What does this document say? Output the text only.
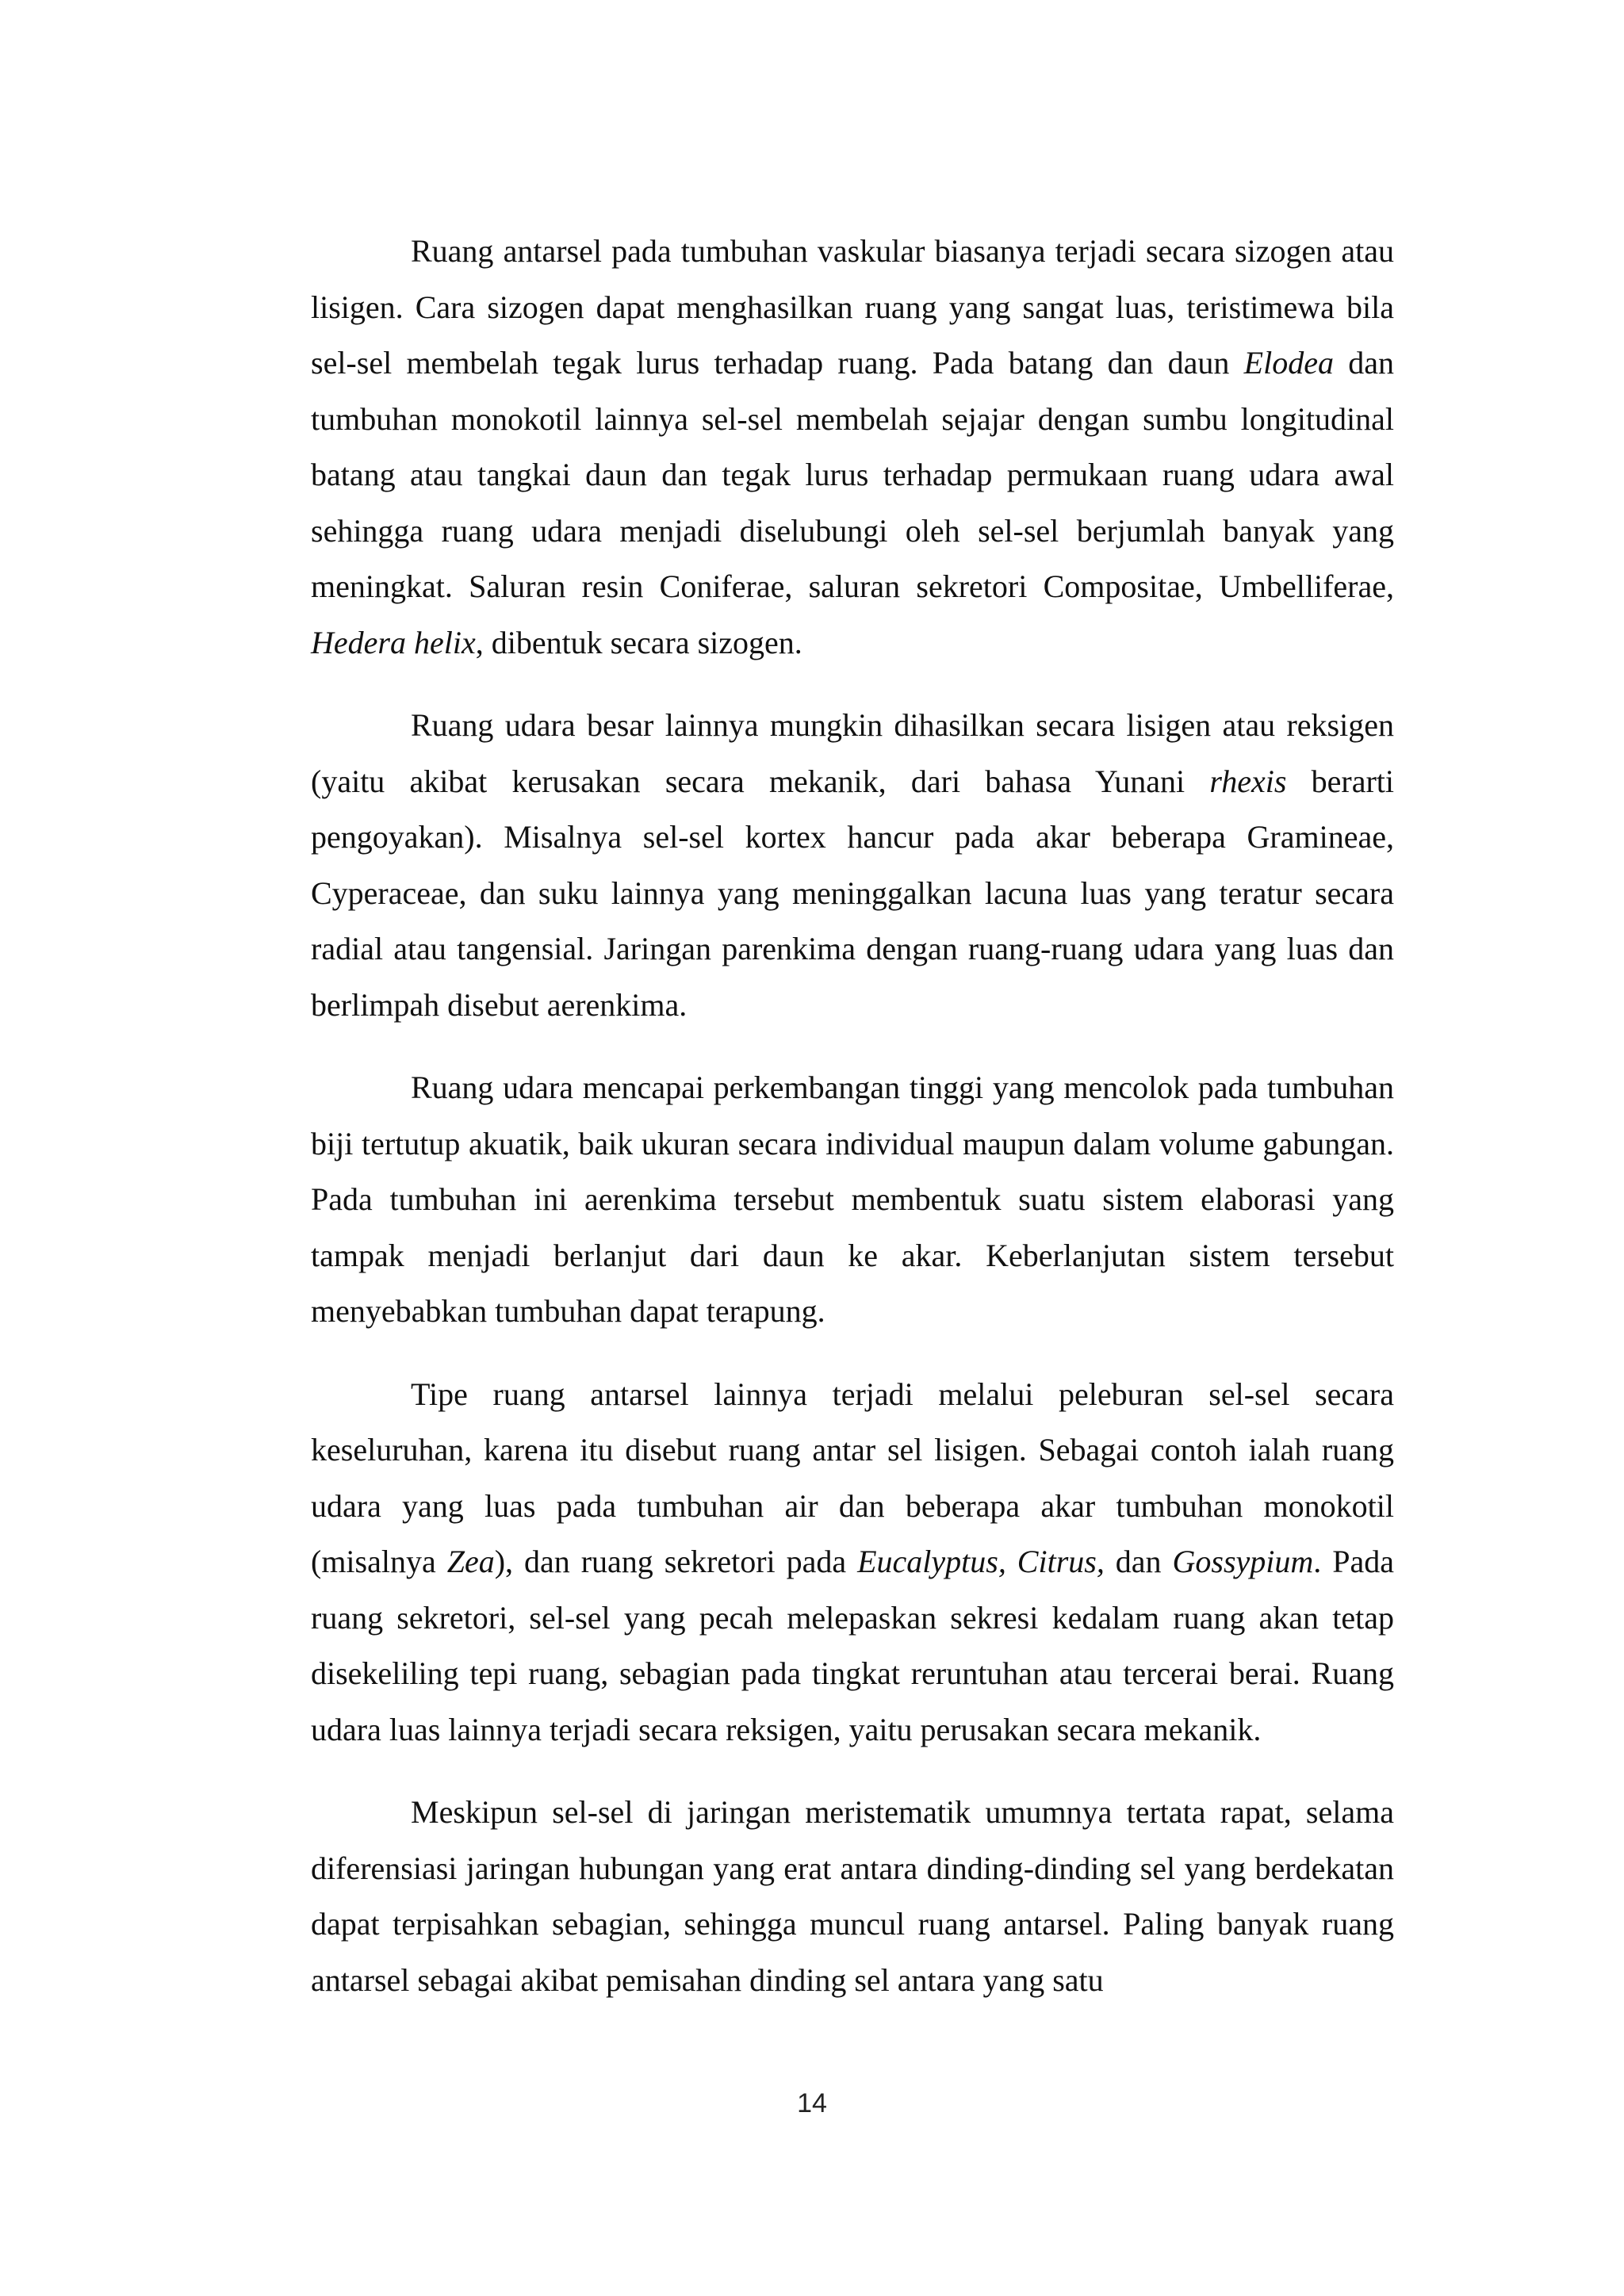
Ruang antarsel pada tumbuhan vaskular biasanya terjadi secara sizogen atau lisigen. Cara sizogen dapat menghasilkan ruang yang sangat luas, teristimewa bila sel-sel membelah tegak lurus terhadap ruang. Pada batang dan daun Elodea dan tumbuhan monokotil lainnya sel-sel membelah sejajar dengan sumbu longitudinal batang atau tangkai daun dan tegak lurus terhadap permukaan ruang udara awal sehingga ruang udara menjadi diselubungi oleh sel-sel berjumlah banyak yang meningkat. Saluran resin Coniferae, saluran sekretori Compositae, Umbelliferae, Hedera helix, dibentuk secara sizogen.

Ruang udara besar lainnya mungkin dihasilkan secara lisigen atau reksigen (yaitu akibat kerusakan secara mekanik, dari bahasa Yunani rhexis berarti pengoyakan). Misalnya sel-sel kortex hancur pada akar beberapa Gramineae, Cyperaceae, dan suku lainnya yang meninggalkan lacuna luas yang teratur secara radial atau tangensial. Jaringan parenkima dengan ruang-ruang udara yang luas dan berlimpah disebut aerenkima.

Ruang udara mencapai perkembangan tinggi yang mencolok pada tumbuhan biji tertutup akuatik, baik ukuran secara individual maupun dalam volume gabungan. Pada tumbuhan ini aerenkima tersebut membentuk suatu sistem elaborasi yang tampak menjadi berlanjut dari daun ke akar. Keberlanjutan sistem tersebut menyebabkan tumbuhan dapat terapung.

Tipe ruang antarsel lainnya terjadi melalui peleburan sel-sel secara keseluruhan, karena itu disebut ruang antar sel lisigen. Sebagai contoh ialah ruang udara yang luas pada tumbuhan air dan beberapa akar tumbuhan monokotil (misalnya Zea), dan ruang sekretori pada Eucalyptus, Citrus, dan Gossypium. Pada ruang sekretori, sel-sel yang pecah melepaskan sekresi kedalam ruang akan tetap disekeliling tepi ruang, sebagian pada tingkat reruntuhan atau tercerai berai. Ruang udara luas lainnya terjadi secara reksigen, yaitu perusakan secara mekanik.

Meskipun sel-sel di jaringan meristematik umumnya tertata rapat, selama diferensiasi jaringan hubungan yang erat antara dinding-dinding sel yang berdekatan dapat terpisahkan sebagian, sehingga muncul ruang antarsel. Paling banyak ruang antarsel sebagai akibat pemisahan dinding sel antara yang satu

14
